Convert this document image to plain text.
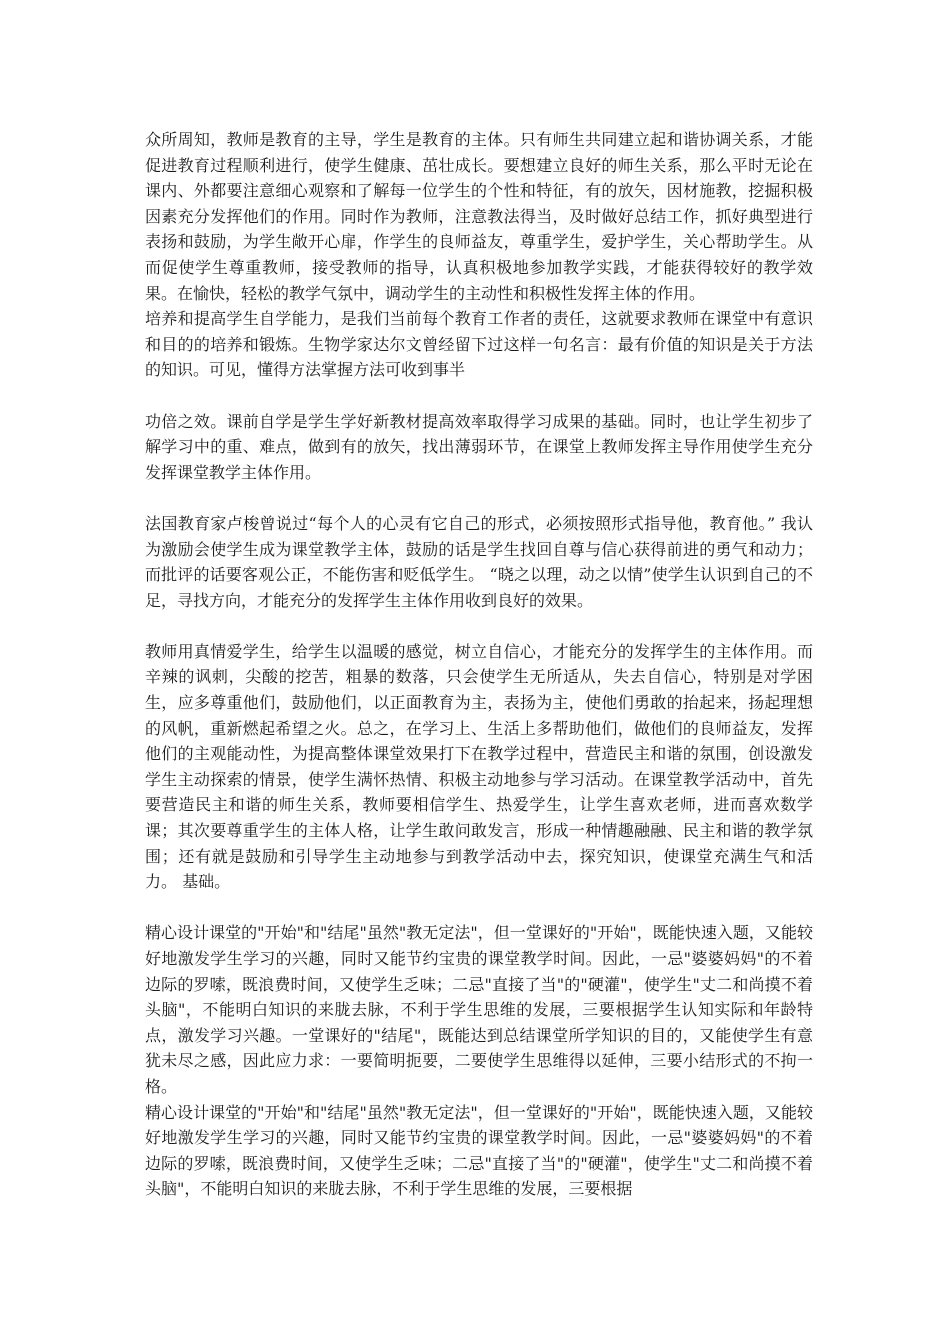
众所周知，教师是教育的主导，学生是教育的主体。只有师生共同建立起和谐协调关系，才能促进教育过程顺利进行，使学生健康、茁壮成长。要想建立良好的师生关系，那么平时无论在课内、外都要注意细心观察和了解每一位学生的个性和特征，有的放矢，因材施教，挖掘积极因素充分发挥他们的作用。同时作为教师，注意教法得当，及时做好总结工作，抓好典型进行表扬和鼓励，为学生敞开心扉，作学生的良师益友，尊重学生，爱护学生，关心帮助学生。从而促使学生尊重教师，接受教师的指导，认真积极地参加教学实践，才能获得较好的教学效果。在愉快，轻松的教学气氛中，调动学生的主动性和积极性发挥主体的作用。

培养和提高学生自学能力，是我们当前每个教育工作者的责任，这就要求教师在课堂中有意识和目的的培养和锻炼。生物学家达尔文曾经留下过这样一句名言：最有价值的知识是关于方法的知识。可见，懂得方法掌握方法可收到事半

功倍之效。课前自学是学生学好新教材提高效率取得学习成果的基础。同时，也让学生初步了解学习中的重、难点，做到有的放矢，找出薄弱环节，在课堂上教师发挥主导作用使学生充分发挥课堂教学主体作用。

法国教育家卢梭曾说过“每个人的心灵有它自己的形式，必须按照形式指导他，教育他。” 我认为激励会使学生成为课堂教学主体，鼓励的话是学生找回自尊与信心获得前进的勇气和动力；而批评的话要客观公正，不能伤害和贬低学生。 “晓之以理，动之以情”使学生认识到自己的不足，寻找方向，才能充分的发挥学生主体作用收到良好的效果。

教师用真情爱学生，给学生以温暖的感觉，树立自信心，才能充分的发挥学生的主体作用。而辛辣的讽刺，尖酸的挖苦，粗暴的数落，只会使学生无所适从，失去自信心，特别是对学困生，应多尊重他们，鼓励他们，以正面教育为主，表扬为主，使他们勇敢的抬起来，扬起理想的风帆，重新燃起希望之火。总之，在学习上、生活上多帮助他们，做他们的良师益友，发挥他们的主观能动性，为提高整体课堂效果打下在教学过程中，营造民主和谐的氛围，创设激发学生主动探索的情景，使学生满怀热情、积极主动地参与学习活动。在课堂教学活动中，首先要营造民主和谐的师生关系，教师要相信学生、热爱学生，让学生喜欢老师，进而喜欢数学课；其次要尊重学生的主体人格，让学生敢问敢发言，形成一种情趣融融、民主和谐的教学氛围；还有就是鼓励和引导学生主动地参与到教学活动中去，探究知识，使课堂充满生气和活力。 基础。

精心设计课堂的"开始"和"结尾"虽然"教无定法"，但一堂课好的"开始"，既能快速入题，又能较好地激发学生学习的兴趣，同时又能节约宝贵的课堂教学时间。因此，一忌"婆婆妈妈"的不着边际的罗嗦，既浪费时间，又使学生乏味；二忌"直接了当"的"硬灌"，使学生"丈二和尚摸不着头脑"，不能明白知识的来胧去脉，不利于学生思维的发展，三要根据学生认知实际和年龄特点，激发学习兴趣。一堂课好的"结尾"，既能达到总结课堂所学知识的目的，又能使学生有意犹未尽之感，因此应力求：一要简明扼要，二要使学生思维得以延伸，三要小结形式的不拘一格。

精心设计课堂的"开始"和"结尾"虽然"教无定法"，但一堂课好的"开始"，既能快速入题，又能较好地激发学生学习的兴趣，同时又能节约宝贵的课堂教学时间。因此，一忌"婆婆妈妈"的不着边际的罗嗦，既浪费时间，又使学生乏味；二忌"直接了当"的"硬灌"，使学生"丈二和尚摸不着头脑"，不能明白知识的来胧去脉，不利于学生思维的发展，三要根据
